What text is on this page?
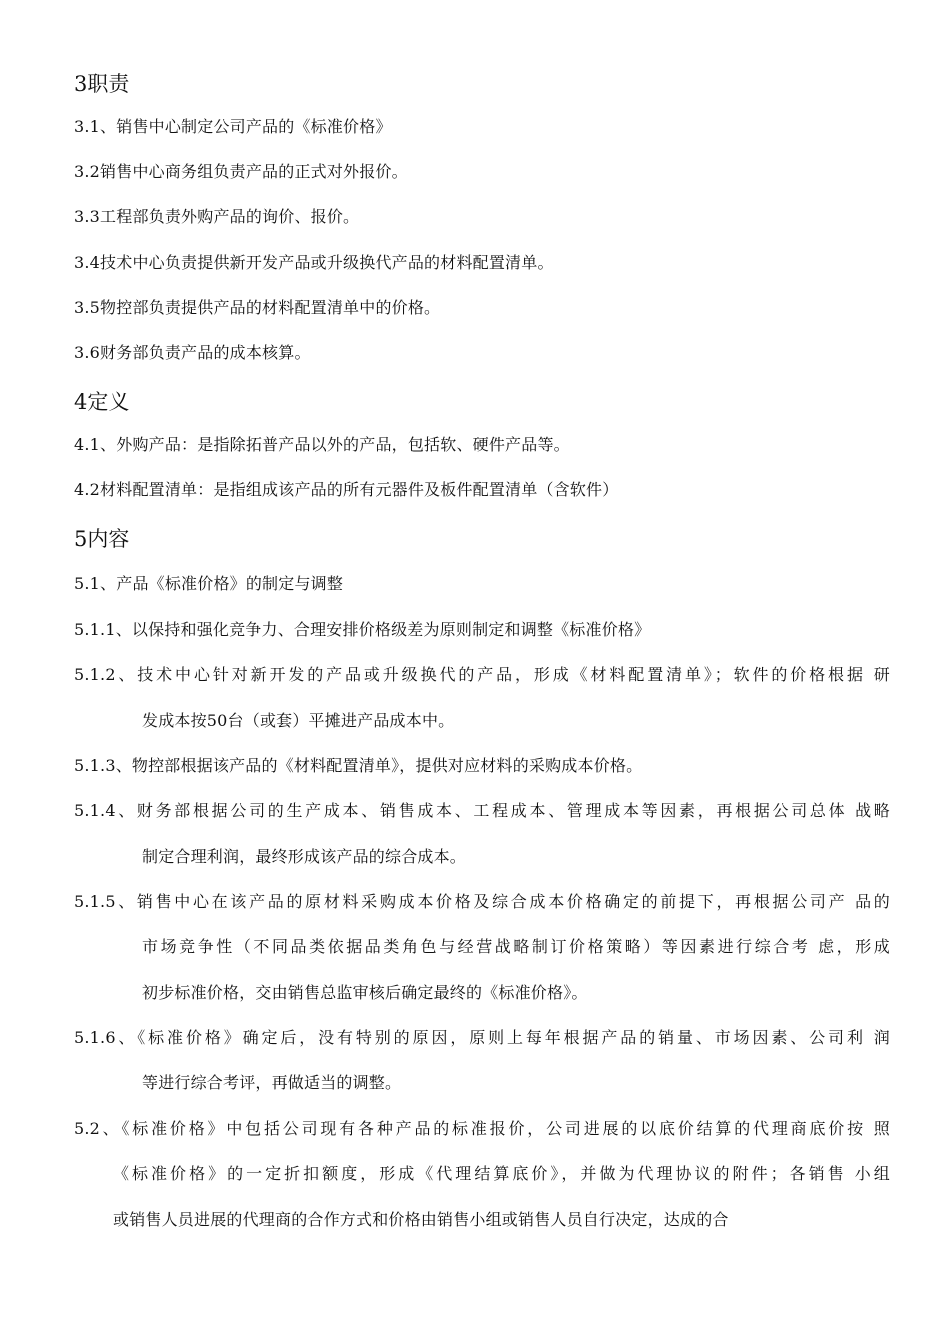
3职责
3.1、销售中心制定公司产品的《标准价格》
3.2销售中心商务组负责产品的正式对外报价。
3.3工程部负责外购产品的询价、报价。
3.4技术中心负责提供新开发产品或升级换代产品的材料配置清单。
3.5物控部负责提供产品的材料配置清单中的价格。
3.6财务部负责产品的成本核算。
4定义
4.1、外购产品：是指除拓普产品以外的产品，包括软、硬件产品等。
4.2材料配置清单：是指组成该产品的所有元器件及板件配置清单（含软件）
5内容
5.1、产品《标准价格》的制定与调整
5.1.1、以保持和强化竞争力、合理安排价格级差为原则制定和调整《标准价格》
5.1.2、技术中心针对新开发的产品或升级换代的产品，形成《材料配置清单》；软件的价格根据 研
发成本按50台（或套）平摊进产品成本中。
5.1.3、物控部根据该产品的《材料配置清单》，提供对应材料的采购成本价格。
5.1.4、财务部根据公司的生产成本、销售成本、工程成本、管理成本等因素，再根据公司总体 战略
制定合理利润，最终形成该产品的综合成本。
5.1.5、销售中心在该产品的原材料采购成本价格及综合成本价格确定的前提下，再根据公司产 品的
市场竞争性（不同品类依据品类角色与经营战略制订价格策略）等因素进行综合考 虑，形成
初步标准价格，交由销售总监审核后确定最终的《标准价格》。
5.1.6、《标准价格》确定后，没有特别的原因，原则上每年根据产品的销量、市场因素、公司利 润
等进行综合考评，再做适当的调整。
5.2、《标准价格》中包括公司现有各种产品的标准报价，公司进展的以底价结算的代理商底价按 照
《标准价格》的一定折扣额度，形成《代理结算底价》，并做为代理协议的附件；各销售 小组
或销售人员进展的代理商的合作方式和价格由销售小组或销售人员自行决定，达成的合
